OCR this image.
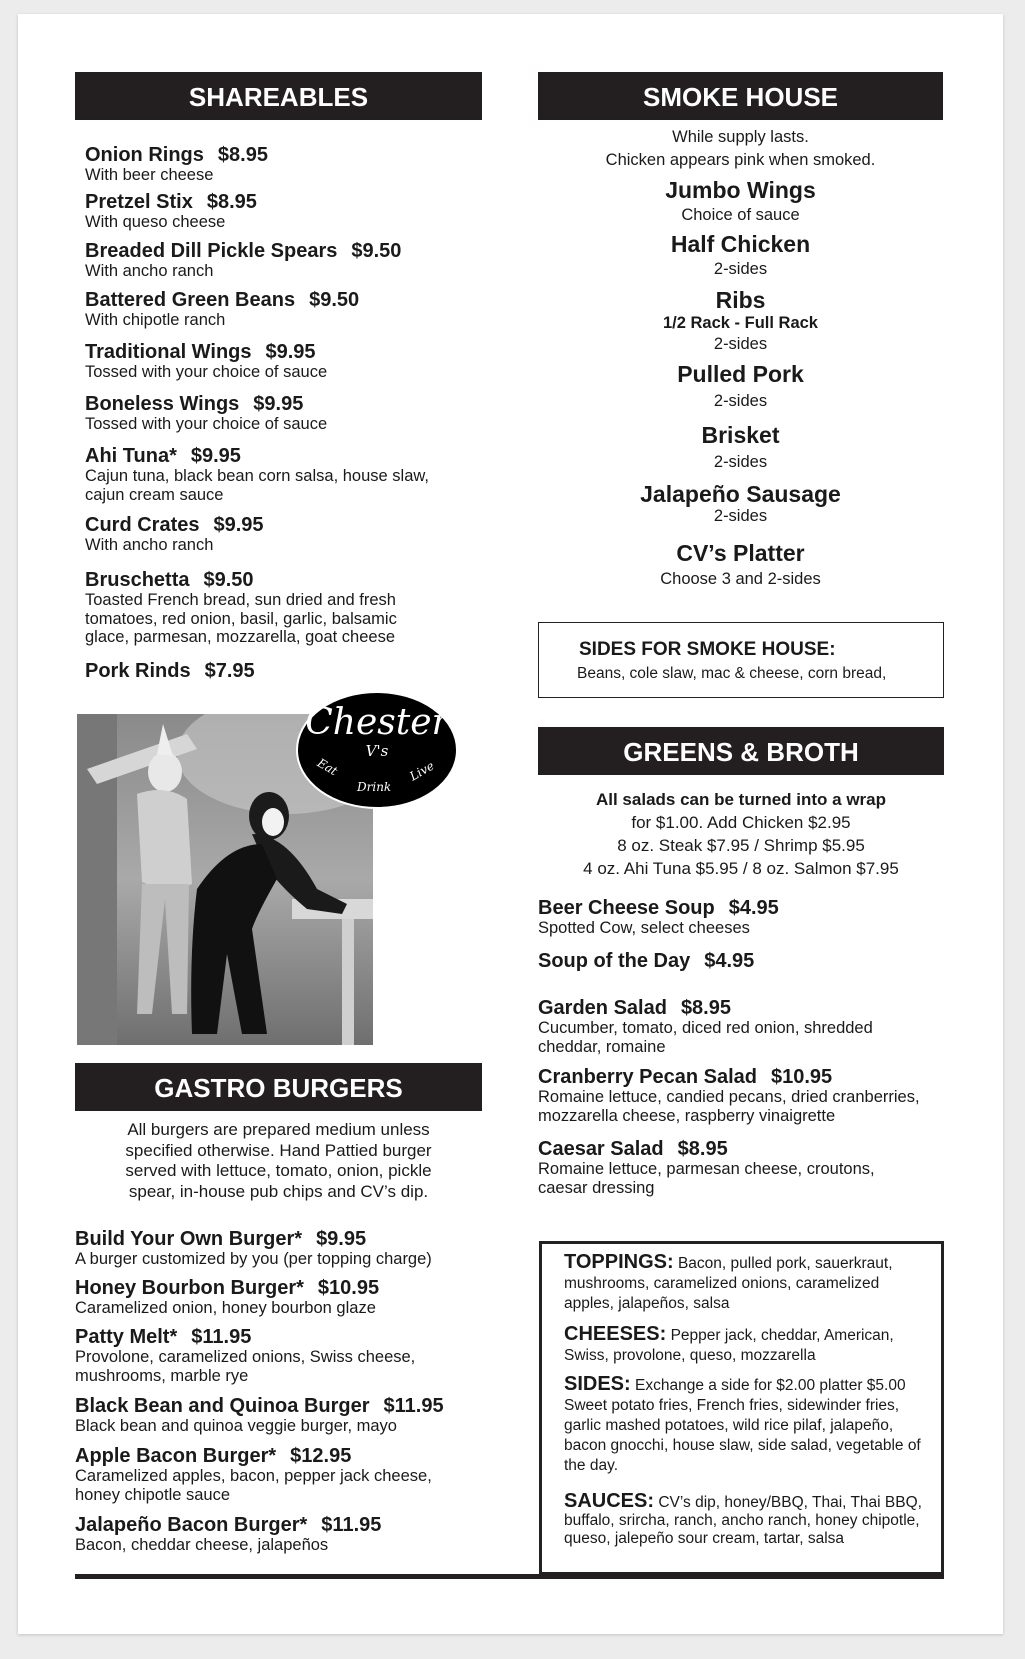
SHAREABLES
Onion Rings $8.95
With beer cheese
Pretzel Stix $8.95
With queso cheese
Breaded Dill Pickle Spears $9.50
With ancho ranch
Battered Green Beans $9.50
With chipotle ranch
Traditional Wings $9.95
Tossed with your choice of sauce
Boneless Wings $9.95
Tossed with your choice of sauce
Ahi Tuna* $9.95
Cajun tuna, black bean corn salsa, house slaw, cajun cream sauce
Curd Crates $9.95
With ancho ranch
Bruschetta $9.50
Toasted French bread, sun dried and fresh tomatoes, red onion, basil, garlic, balsamic glace, parmesan, mozzarella, goat cheese
Pork Rinds $7.95
Chester
V's
Eat
Drink
Live
GASTRO BURGERS
All burgers are prepared medium unless specified otherwise. Hand Pattied burger served with lettuce, tomato, onion, pickle spear, in-house pub chips and CV’s dip.
Build Your Own Burger* $9.95
A burger customized by you (per topping charge)
Honey Bourbon Burger* $10.95
Caramelized onion, honey bourbon glaze
Patty Melt* $11.95
Provolone, caramelized onions, Swiss cheese, mushrooms, marble rye
Black Bean and Quinoa Burger $11.95
Black bean and quinoa veggie burger, mayo
Apple Bacon Burger* $12.95
Caramelized apples, bacon, pepper jack cheese, honey chipotle sauce
Jalapeño Bacon Burger* $11.95
Bacon, cheddar cheese, jalapeños
SMOKE HOUSE
While supply lasts.
Chicken appears pink when smoked.
Jumbo Wings
Choice of sauce
Half Chicken
2-sides
Ribs
1/2 Rack - Full Rack
2-sides
Pulled Pork
2-sides
Brisket
2-sides
Jalapeño Sausage
2-sides
CV’s Platter
Choose 3 and 2-sides
SIDES FOR SMOKE HOUSE:
Beans, cole slaw, mac & cheese, corn bread,
GREENS & BROTH
All salads can be turned into a wrap
for $1.00. Add Chicken $2.95
8 oz. Steak $7.95 / Shrimp $5.95
4 oz. Ahi Tuna $5.95 / 8 oz. Salmon $7.95
Beer Cheese Soup $4.95
Spotted Cow, select cheeses
Soup of the Day $4.95
Garden Salad $8.95
Cucumber, tomato, diced red onion, shredded cheddar, romaine
Cranberry Pecan Salad $10.95
Romaine lettuce, candied pecans, dried cranberries, mozzarella cheese, raspberry vinaigrette
Caesar Salad $8.95
Romaine lettuce, parmesan cheese, croutons, caesar dressing
TOPPINGS: Bacon, pulled pork, sauerkraut, mushrooms, caramelized onions, caramelized apples, jalapeños, salsa
CHEESES: Pepper jack, cheddar, American, Swiss, provolone, queso, mozzarella
SIDES: Exchange a side for $2.00 platter $5.00 Sweet potato fries, French fries, sidewinder fries, garlic mashed potatoes, wild rice pilaf, jalapeño, bacon gnocchi, house slaw, side salad, vegetable of the day.
SAUCES: CV’s dip, honey/BBQ, Thai, Thai BBQ, buffalo, srircha, ranch, ancho ranch, honey chipotle, queso, jalepeño sour cream, tartar, salsa
